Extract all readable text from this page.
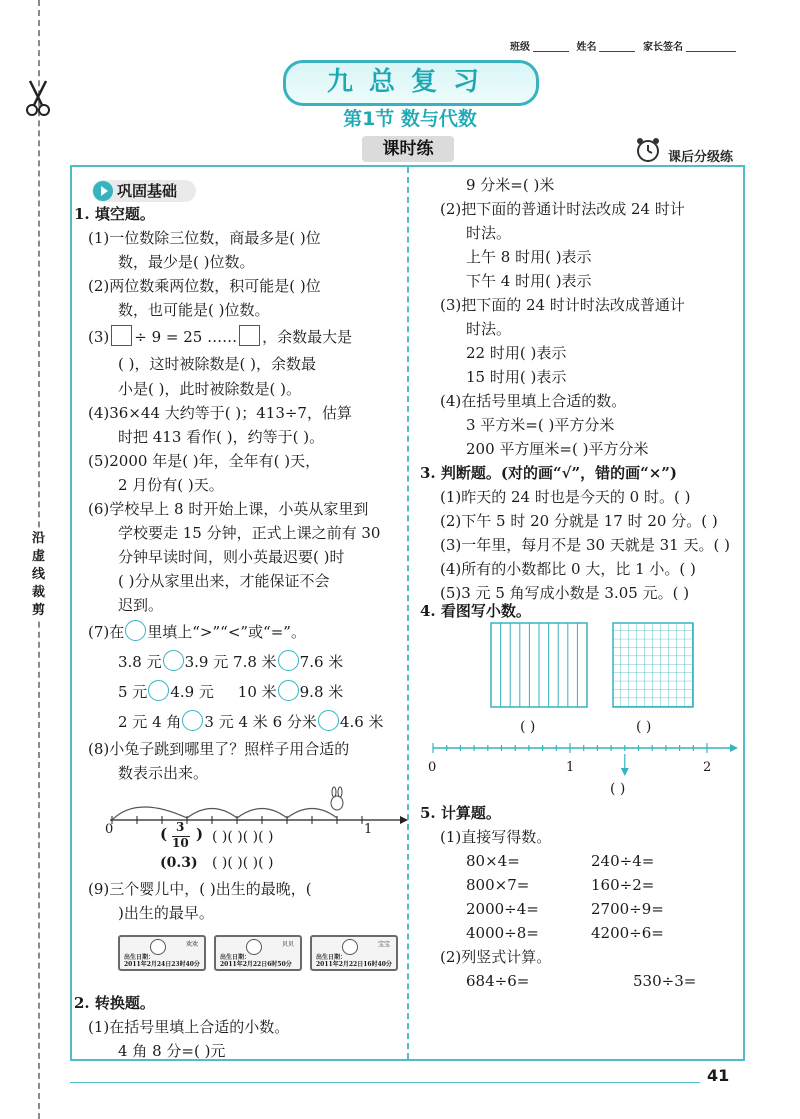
沿虚线裁剪
班级	姓名	家长签名
九总复习
第1节 数与代数
课时练	课后分级练
巩固基础
1. 填空题。
(1)一位数除三位数，商最多是( )位
数，最少是( )位数。
(2)两位数乘两位数，积可能是( )位
数，也可能是( )位数。
(3) ÷ 9 = 25 …… ，余数最大是
( )，这时被除数是( )，余数最
小是( )，此时被除数是( )。
(4)36×44 大约等于( )；413÷7，估算
时把 413 看作( )，约等于( )。
(5)2000 年是( )年，全年有( )天，
2 月份有( )天。
(6)学校早上 8 时开始上课，小英从家里到
学校要走 15 分钟，正式上课之前有 30
分钟早读时间，则小英最迟要( )时
( )分从家里出来，才能保证不会
迟到。
(7)在 里填上“>”“<”或“=”。
3.8 元 3.9 元 7.8 米 7.6 米
5 元 4.9 元 10 米 9.8 米
2 元 4 角 3 元 4 米 6 分米 4.6 米
(8)小兔子跳到哪里了？照样子用合适的
数表示出来。
0	1
( 3
10 ) ( )( )( )( )
(0.3) ( )( )( )( )
(9)三个婴儿中，( )出生的最晚，(
)出生的最早。
欢欢
出生日期：
2011年2月24日23时40分
贝贝
出生日期：
2011年2月22日6时50分
宝宝
出生日期：
2011年2月22日16时40分
2. 转换题。
(1)在括号里填上合适的小数。
4 角 8 分=( )元
9 分米=( )米
(2)把下面的普通计时法改成 24 时计
时法。
上午 8 时用( )表示
下午 4 时用( )表示
(3)把下面的 24 时计时法改成普通计
时法。
22 时用( )表示
15 时用( )表示
(4)在括号里填上合适的数。
3 平方米=( )平方分米
200 平方厘米=( )平方分米
3. 判断题。(对的画“√”，错的画“×”)
(1)昨天的 24 时也是今天的 0 时。( )
(2)下午 5 时 20 分就是 17 时 20 分。( )
(3)一年里，每月不是 30 天就是 31 天。( )
(4)所有的小数都比 0 大，比 1 小。( )
(5)3 元 5 角写成小数是 3.05 元。( )
4. 看图写小数。
( )	( )
0	1	2
( )
5. 计算题。
(1)直接写得数。
80×4=	240÷4=
800×7=	160÷2=
2000÷4=	2700÷9=
4000÷8=	4200÷6=
(2)列竖式计算。
684÷6=	530÷3=
41
